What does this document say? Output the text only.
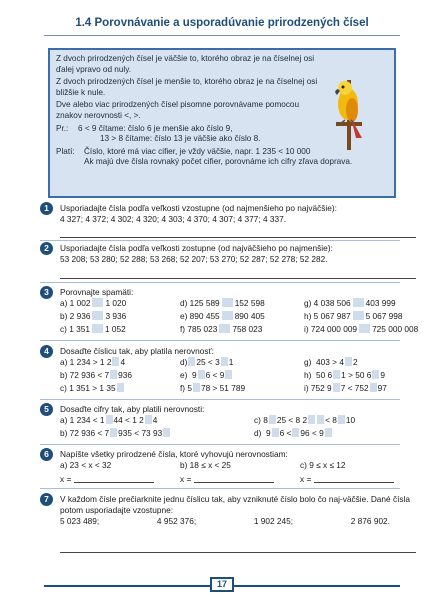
1.4 Porovnávanie a usporadúvanie prirodzených čísel

Z dvoch prirodzených čísel je väčšie to, ktorého obraz je na číselnej osi ďalej vpravo od nuly.

Z dvoch prirodzených čísel je menšie to, ktorého obraz je na číselnej osi bližšie k nule.

Dve alebo viac prirodzených čísel pisomne porovnávame pomocou znakov nerovnosti <, >.

Pr.:	6 < 9 čítame: číslo 6 je menšie ako číslo 9,
13 > 8 čítame: číslo 13 je väčšie ako číslo 8.
Platí:	Číslo, ktoré má viac cifier, je vždy väčšie, napr. 1 235 < 10 000
Ak majú dve čísla rovnaký počet cifier, porovnáme ich cifry zľava doprava.
1	Usporiadajte čísla podľa veľkosti vzostupne (od najmenšieho po najväčšie):
4 327; 4 372; 4 302; 4 320; 4 303; 4 370; 4 307; 4 377; 4 337.
2	Usporiadajte čísla podľa veľkosti zostupne (od najväčšieho po najmenšie):
53 208; 53 280; 52 288; 53 268; 52 207; 53 270; 52 287; 52 278; 52 282.
3	Porovnajte spamäti:
a) 1 002 1 020	d) 125 589 152 598	g) 4 038 506 403 999
b) 2 936 3 936	e) 890 455 890 405	h) 5 067 987 5 067 998
c) 1 351 1 052	f) 785 023 758 023	i) 724 000 009 725 000 008
4	Dosaďte číslicu tak, aby platila nerovnosť:
a) 1 234 > 1 2 4	d) 25 < 3 1	g) 403 > 4 2
b) 72 936 < 7 936	e) 9 6 < 9	h) 50 6 1 > 50 6 9
c) 1 351 > 1 35	f) 5 78 > 51 789	i) 752 9 7 < 752 97
5	Dosaďte cifry tak, aby platili nerovnosti:
a) 1 234 < 1 44 < 1 2 4	c) 8 25 < 8 2 < 8 10
b) 72 936 < 7 935 < 73 93	d) 9 6 < 96 < 9
6	Napíšte všetky prirodzené čísla, ktoré vyhovujú nerovnostiam:
a) 23 < x < 32	b) 18 ≤ x < 25	c) 9 ≤ x ≤ 12
x =	x =	x =
7	V každom čísle prečiarknite jednu číslicu tak, aby vzniknuté číslo bolo čo naj-väčšie. Dané čísla potom usporiadajte vzostupne:
5 023 489;	4 952 376;	1 902 245;	2 876 902.
17
